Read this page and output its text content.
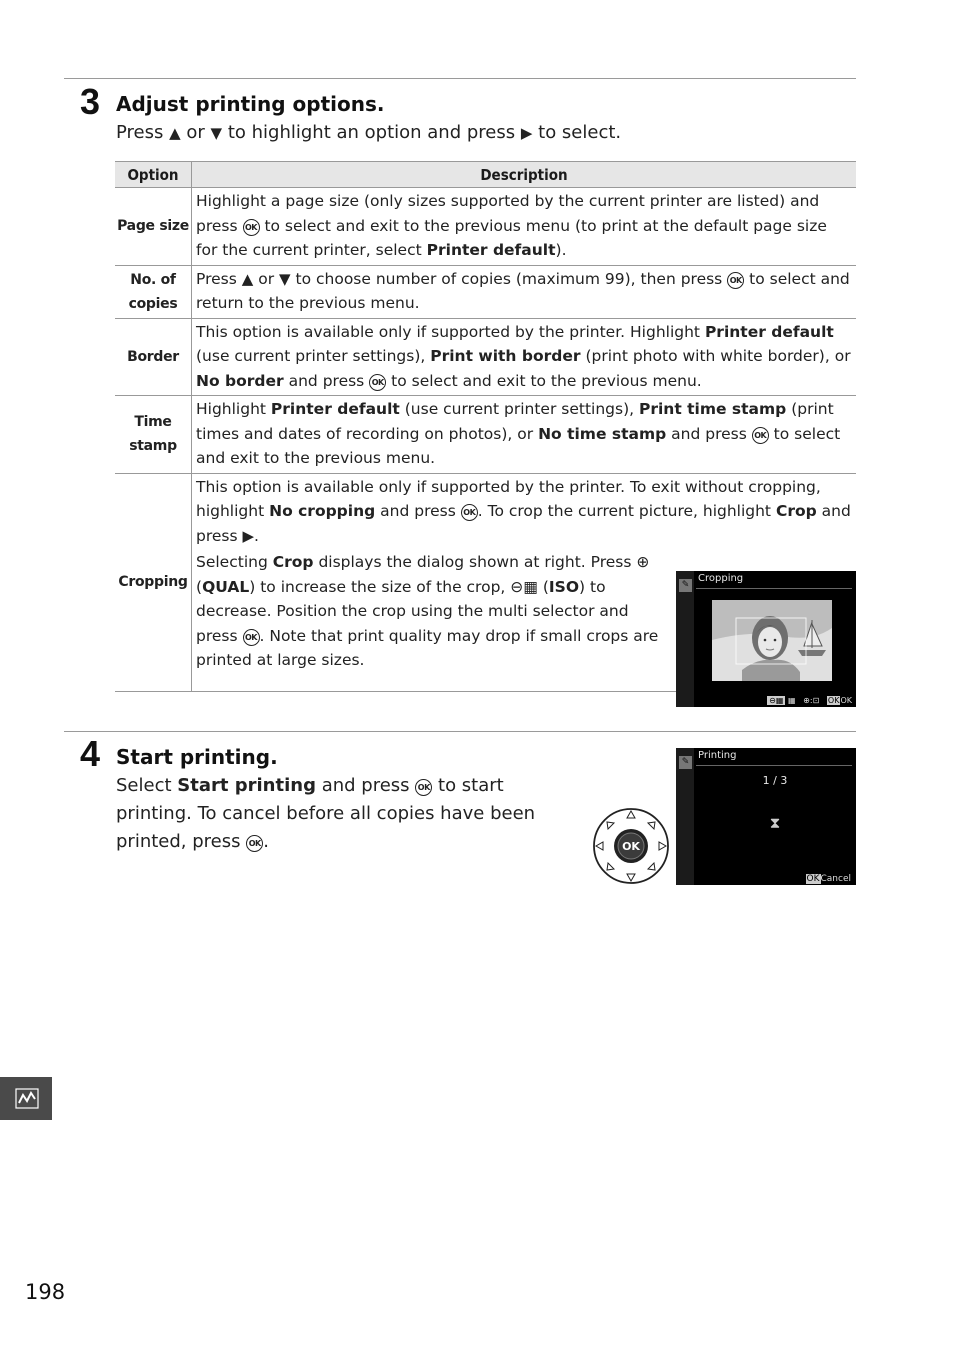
3 Adjust printing options.
Press ▲ or ▼ to highlight an option and press ▶ to select.
Option	Description
Page size	Highlight a page size (only sizes supported by the current printer are listed) and press OK to select and exit to the previous menu (to print at the default page size for the current printer, select Printer default).
No. of copies	Press ▲ or ▼ to choose number of copies (maximum 99), then press OK to select and return to the previous menu.
Border	This option is available only if supported by the printer. Highlight Printer default (use current printer settings), Print with border (print photo with white border), or No border and press OK to select and exit to the previous menu.
Time stamp	Highlight Printer default (use current printer settings), Print time stamp (print times and dates of recording on photos), or No time stamp and press OK to select and exit to the previous menu.
Cropping	This option is available only if supported by the printer. To exit without cropping, highlight No cropping and press OK . To crop the current picture, highlight Crop and press ▶.
Selecting Crop displays the dialog shown at right. Press ⊕ (QUAL) to increase the size of the crop, ⊖▦ (ISO) to decrease. Position the crop using the multi selector and press OK . Note that print quality may drop if small crops are printed at large sizes.
✎
Cropping
⊖▦ ▦   ⊕:⊡   OKOK
4 Start printing.
Select Start printing and press OK to start printing. To cancel before all copies have been printed, press OK .	OK
✎
Printing
1 / 3
⧗
OKCancel
198
